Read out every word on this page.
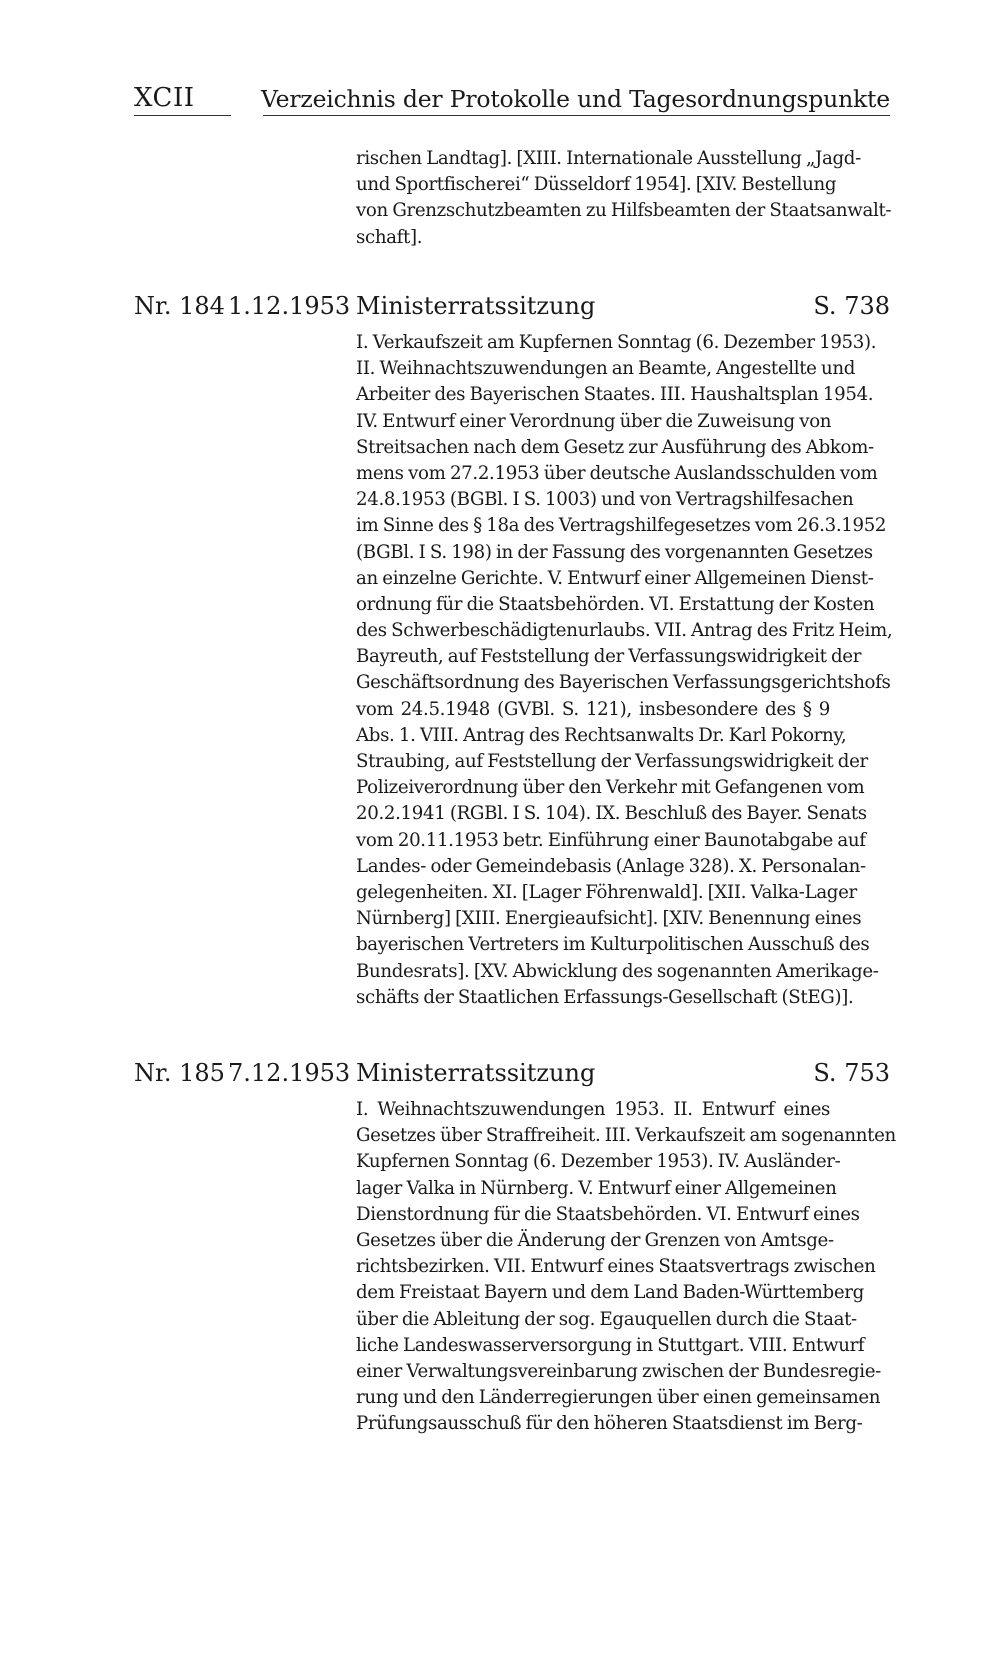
XCII	Verzeichnis der Protokolle und Tagesordnungspunkte
rischen Landtag]. [XIII. Internationale Ausstellung „Jagd-
und Sportfischerei“ Düsseldorf 1954]. [XIV. Bestellung
von Grenzschutzbeamten zu Hilfsbeamten der Staatsanwalt-
schaft].
Nr. 184 1.12.1953 Ministerratssitzung	S. 738
I. Verkaufszeit am Kupfernen Sonntag (6. Dezember 1953).
II. Weihnachtszuwendungen an Beamte, Angestellte und
Arbeiter des Bayerischen Staates. III. Haushaltsplan 1954.
IV. Entwurf einer Verordnung über die Zuweisung von
Streitsachen nach dem Gesetz zur Ausführung des Abkom-
mens vom 27.2.1953 über deutsche Auslandsschulden vom
24.8.1953 (BGBl. I S. 1003) und von Vertragshilfesachen
im Sinne des § 18a des Vertragshilfegesetzes vom 26.3.1952
(BGBl. I S. 198) in der Fassung des vorgenannten Gesetzes
an einzelne Gerichte. V. Entwurf einer Allgemeinen Dienst-
ordnung für die Staatsbehörden. VI. Erstattung der Kosten
des Schwerbeschädigtenurlaubs. VII. Antrag des Fritz Heim,
Bayreuth, auf Feststellung der Verfassungswidrigkeit der
Geschäftsordnung des Bayerischen Verfassungsgerichtshofs
vom 24.5.1948 (GVBl. S. 121), insbesondere des § 9
Abs. 1. VIII. Antrag des Rechtsanwalts Dr. Karl Pokorny,
Straubing, auf Feststellung der Verfassungswidrigkeit der
Polizeiverordnung über den Verkehr mit Gefangenen vom
20.2.1941 (RGBl. I S. 104). IX. Beschluß des Bayer. Senats
vom 20.11.1953 betr. Einführung einer Baunotabgabe auf
Landes- oder Gemeindebasis (Anlage 328). X. Personalan-
gelegenheiten. XI. [Lager Föhrenwald]. [XII. Valka-Lager
Nürnberg] [XIII. Energieaufsicht]. [XIV. Benennung eines
bayerischen Vertreters im Kulturpolitischen Ausschuß des
Bundesrats]. [XV. Abwicklung des sogenannten Amerikage-
schäfts der Staatlichen Erfassungs-Gesellschaft (StEG)].
Nr. 185 7.12.1953 Ministerratssitzung	S. 753
I. Weihnachtszuwendungen 1953. II. Entwurf eines
Gesetzes über Straffreiheit. III. Verkaufszeit am sogenannten
Kupfernen Sonntag (6. Dezember 1953). IV. Ausländer-
lager Valka in Nürnberg. V. Entwurf einer Allgemeinen
Dienstordnung für die Staatsbehörden. VI. Entwurf eines
Gesetzes über die Änderung der Grenzen von Amtsge-
richtsbezirken. VII. Entwurf eines Staatsvertrags zwischen
dem Freistaat Bayern und dem Land Baden-Württemberg
über die Ableitung der sog. Egauquellen durch die Staat-
liche Landeswasserversorgung in Stuttgart. VIII. Entwurf
einer Verwaltungsvereinbarung zwischen der Bundesregie-
rung und den Länderregierungen über einen gemeinsamen
Prüfungsausschuß für den höheren Staatsdienst im Berg-
